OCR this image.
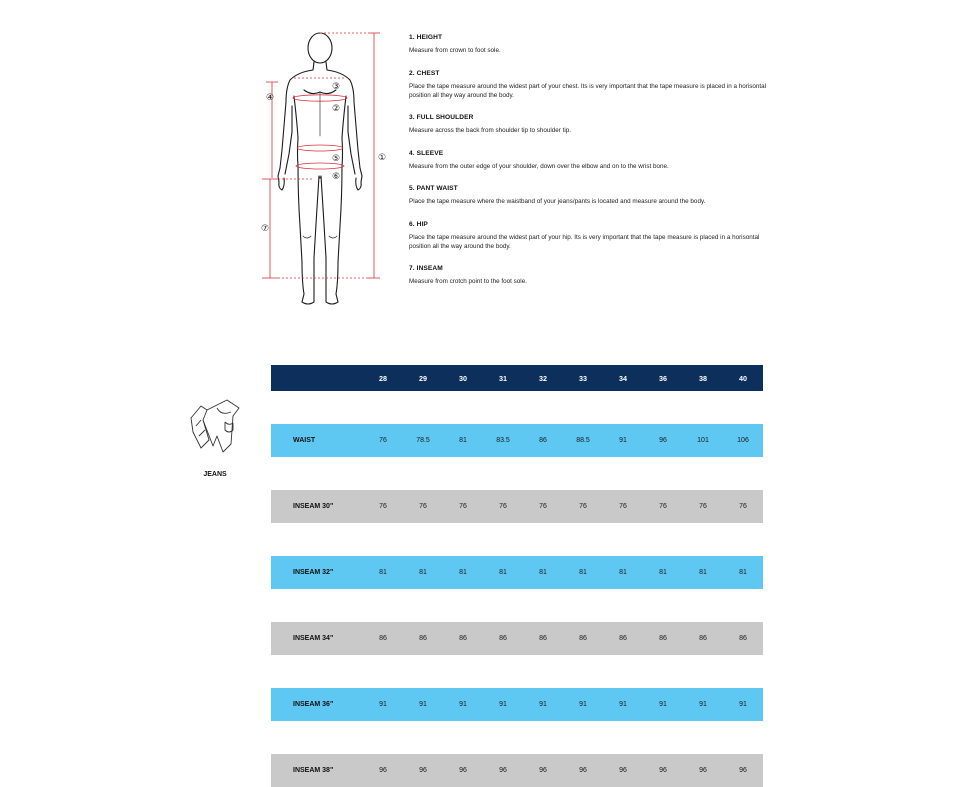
①
②
③
④
⑤
⑥
⑦
1. HEIGHT
Measure from crown to foot sole.
2. CHEST
Place the tape measure around the widest part of your chest. Its is very important that the tape measure is placed in a horisontal position all they way around the body.
3. FULL SHOULDER
Measure across the back from shoulder tip to shoulder tip.
4. SLEEVE
Measure from the outer edge of your shoulder, down over the elbow and on to the wrist bone.
5. PANT WAIST
Place the tape measure where the waistband of your jeans/pants is located and measure around the body.
6. HIP
Place the tape measure around the widest part of your hip. Its is very important that the tape measure is placed in a horisontal position all the way around the body.
7. INSEAM
Measure from crotch point to the foot sole.
JEANS
	28	29	30	31	32	33	34	36	38	40

WAIST	76	78.5	81	83.5	86	88.5	91	96	101	106

INSEAM 30"	76	76	76	76	76	76	76	76	76	76

INSEAM 32"	81	81	81	81	81	81	81	81	81	81

INSEAM 34"	86	86	86	86	86	86	86	86	86	86

INSEAM 36"	91	91	91	91	91	91	91	91	91	91

INSEAM 38"	96	96	96	96	96	96	96	96	96	96
